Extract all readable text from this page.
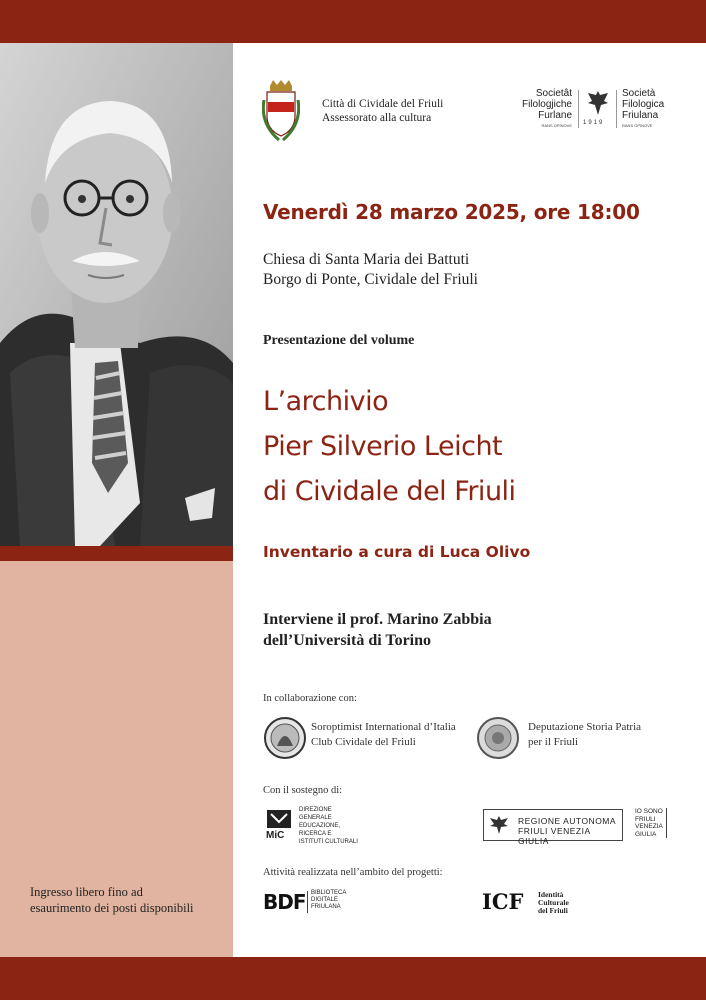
Ingresso libero fino ad
esaurimento dei posti disponibili
Città di Cividale del Friuli
Assessorato alla cultura
Societât
Filologjiche
Furlane
RANS OPINOVE 1919
Società
Filologica
Friulana
RANS OPINOVE
Venerdì 28 marzo 2025, ore 18:00
Chiesa di Santa Maria dei Battuti
Borgo di Ponte, Cividale del Friuli
Presentazione del volume
L’archivio
Pier Silverio Leicht
di Cividale del Friuli
Inventario a cura di Luca Olivo
Interviene il prof. Marino Zabbia
dell’Università di Torino
In collaborazione con:
Soroptimist International d’Italia
Club Cividale del Friuli
Deputazione Storia Patria
per il Friuli
Con il sostegno di:
MiC
DIREZIONE GENERALE
EDUCAZIONE,
RICERCA E
ISTITUTI CULTURALI
REGIONE AUTONOMA
FRIULI VENEZIA GIULIA
IO SONO
FRIULI
VENEZIA
GIULIA
Attività realizzata nell’ambito del progetti:
BDF BIBLIOTECA
DIGITALE
FRIULANA	ICF Identità
Culturale
del Friuli
